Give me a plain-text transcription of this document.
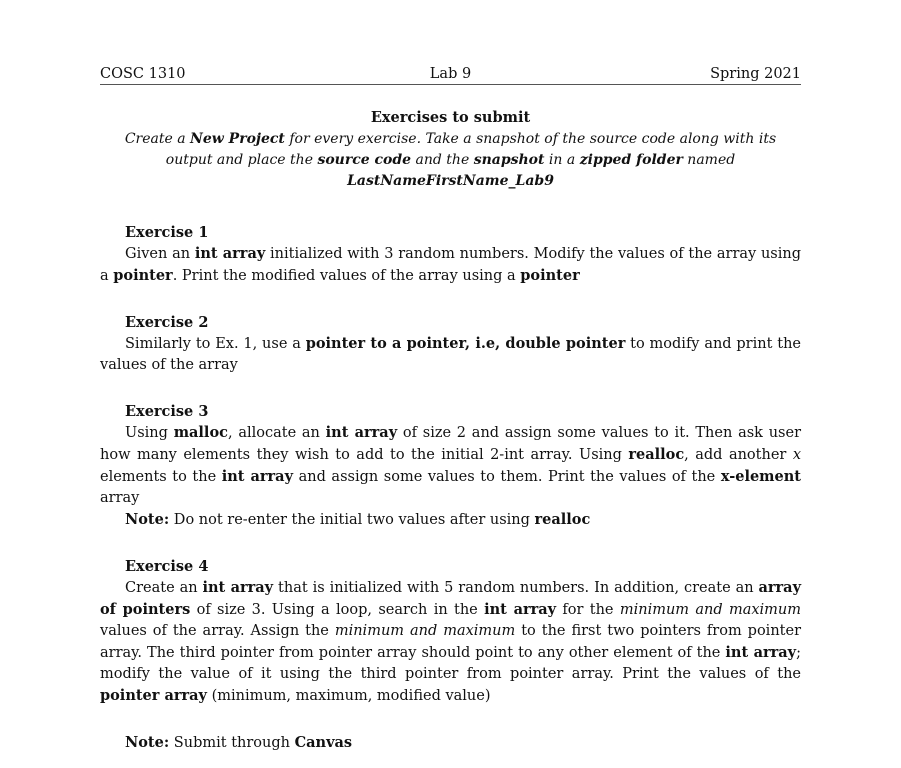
COSC 1310	Lab 9	Spring 2021
Exercises to submit
Create a New Project for every exercise. Take a snapshot of the source code along with its output and place the source code and the snapshot in a zipped folder named LastNameFirstName_Lab9
Exercise 1
Given an int array initialized with 3 random numbers. Modify the values of the array using a pointer. Print the modified values of the array using a pointer
Exercise 2
Similarly to Ex. 1, use a pointer to a pointer, i.e, double pointer to modify and print the values of the array
Exercise 3
Using malloc, allocate an int array of size 2 and assign some values to it. Then ask user how many elements they wish to add to the initial 2-int array. Using realloc, add another x elements to the int array and assign some values to them. Print the values of the x-element array
Note: Do not re-enter the initial two values after using realloc
Exercise 4
Create an int array that is initialized with 5 random numbers. In addition, create an array of pointers of size 3. Using a loop, search in the int array for the minimum and maximum values of the array. Assign the minimum and maximum to the first two pointers from pointer array. The third pointer from pointer array should point to any other element of the int array; modify the value of it using the third pointer from pointer array. Print the values of the pointer array (minimum, maximum, modified value)
Note: Submit through Canvas
